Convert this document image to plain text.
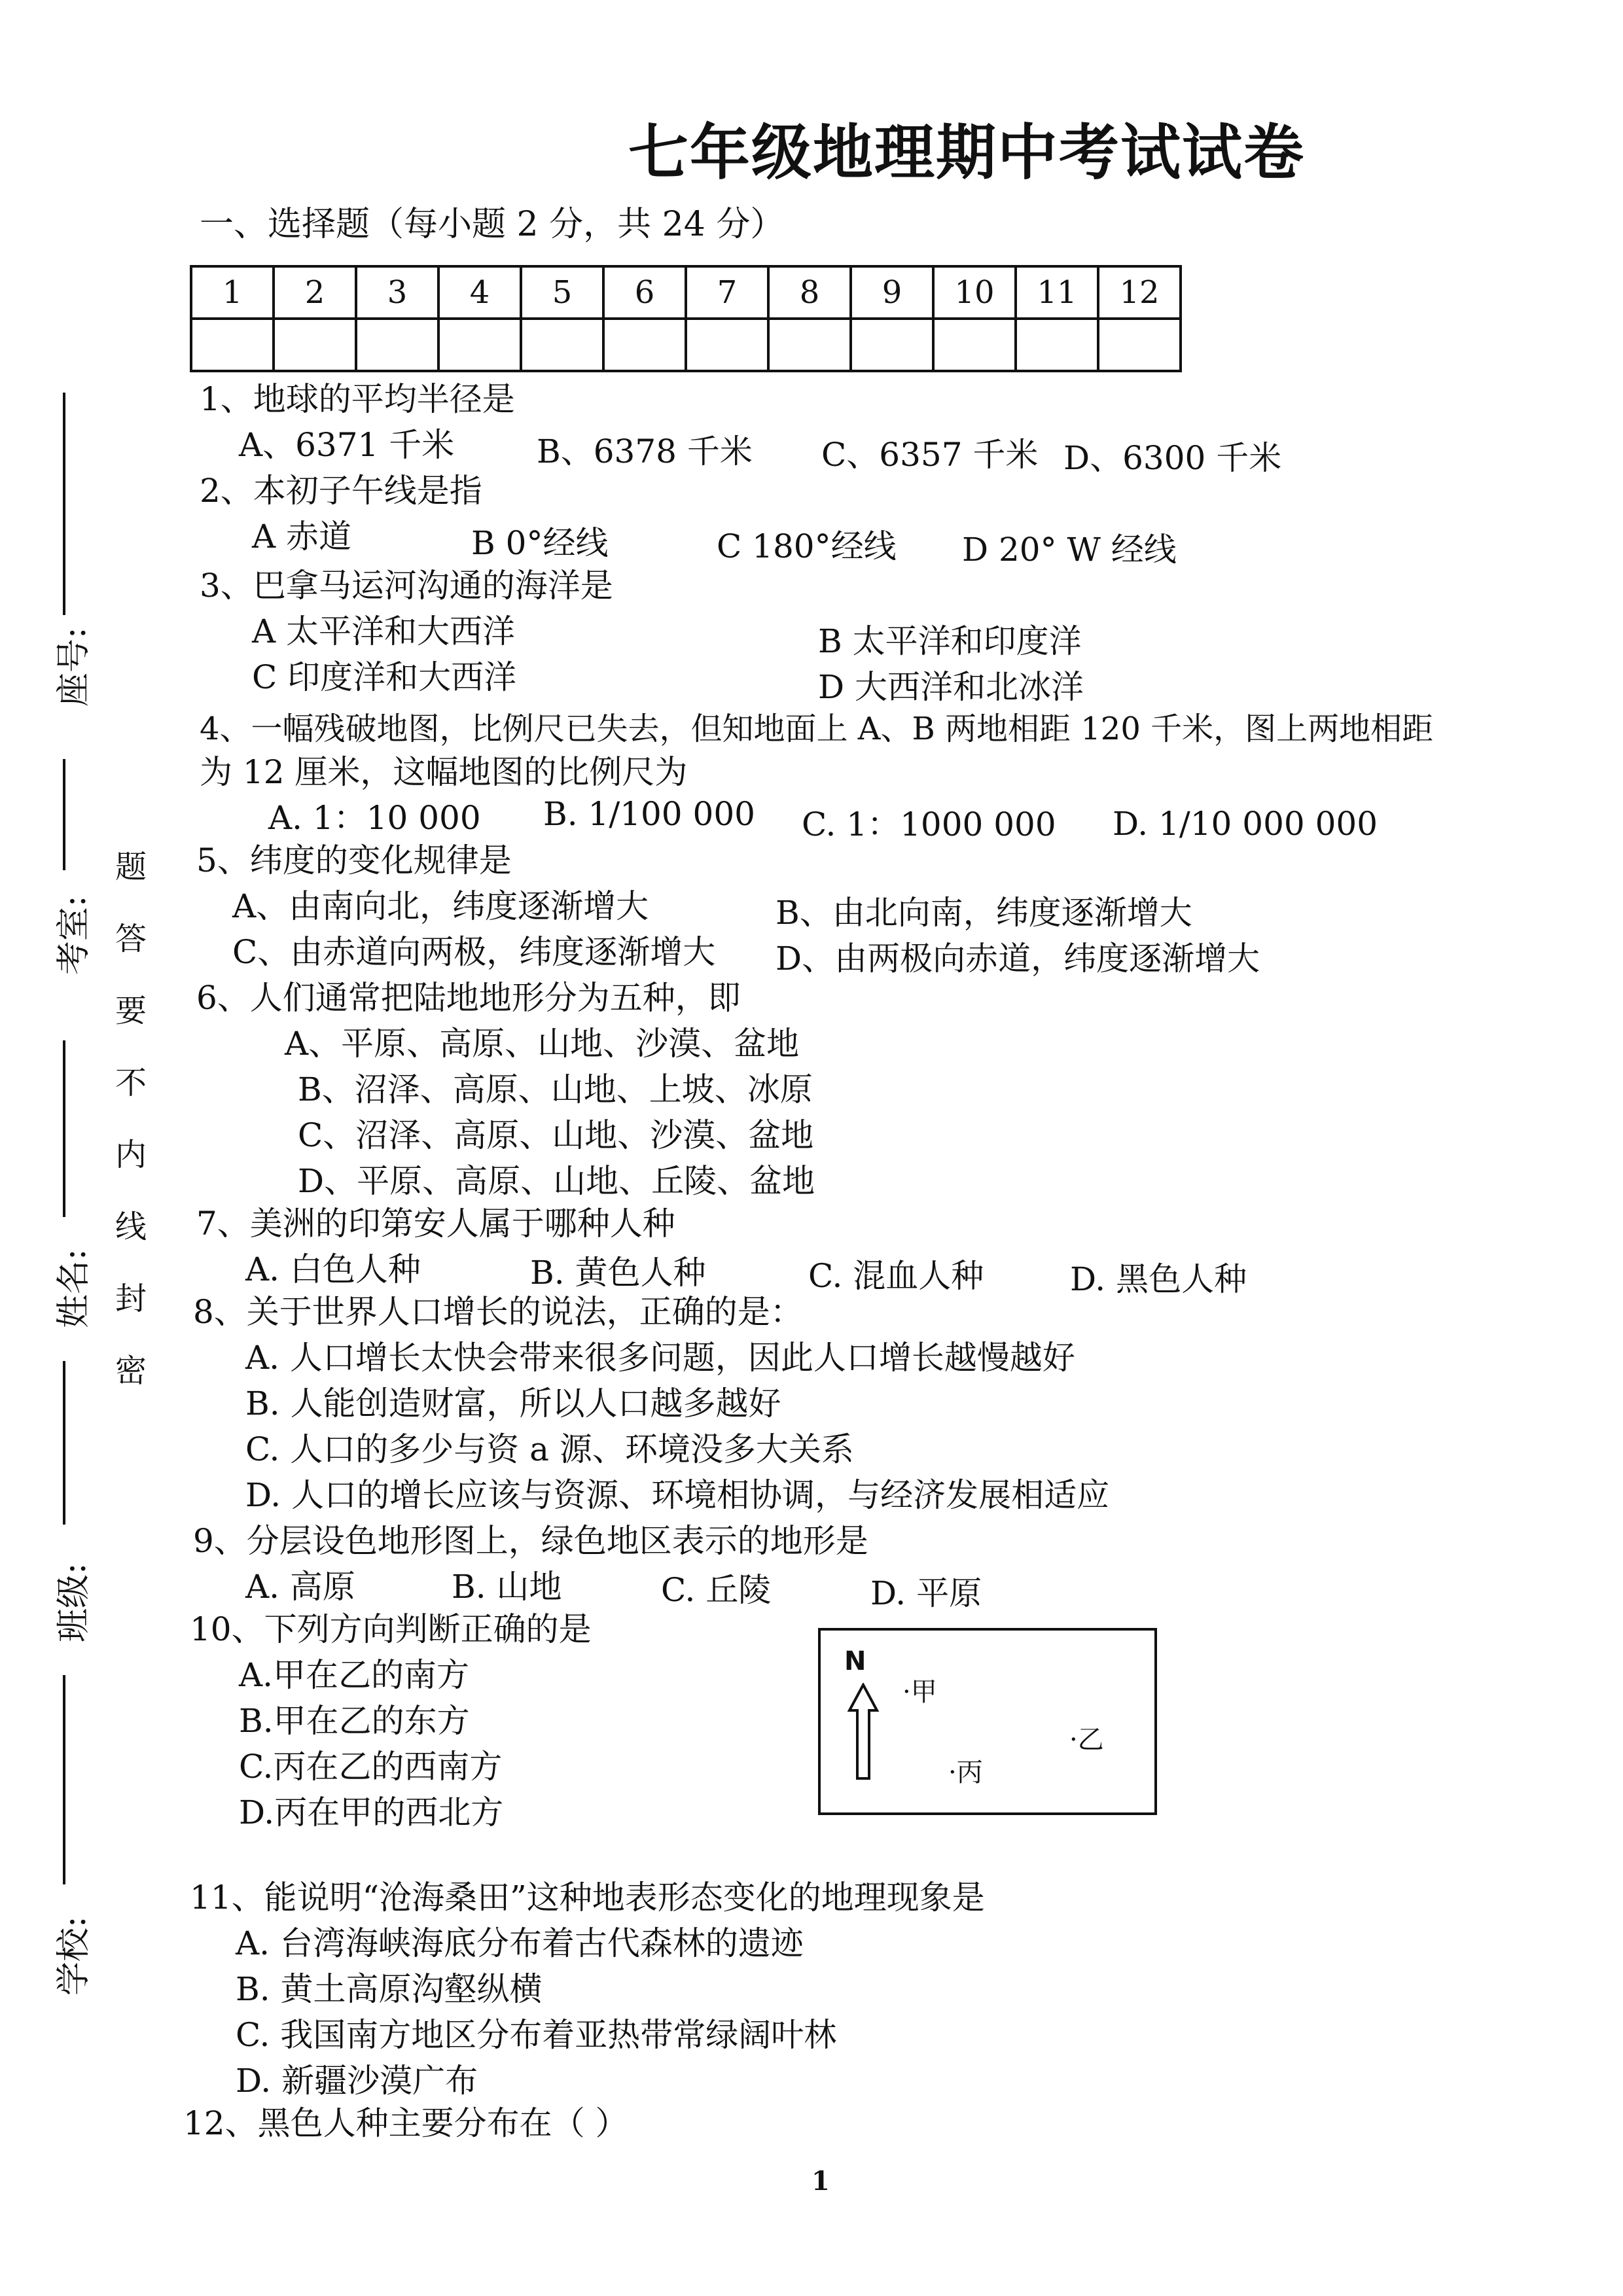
七年级地理期中考试试卷
一、选择题（每小题 2 分，共 24 分）
1	2	3	4	5	6	7	8	9	10	11	12

座号:
考室:
姓名:
班级:
学校:
题
答
要
不
内
线
封
密
1、地球的平均半径是
A、6371 千米	B、6378 千米 C、6357 千米 D、6300 千米
2、本初子午线是指
A 赤道	B 0°经线	C 180°经线 D 20° W 经线
3、巴拿马运河沟通的海洋是
A 太平洋和大西洋	B 太平洋和印度洋
C 印度洋和大西洋	D 大西洋和北冰洋
4、一幅残破地图，比例尺已失去，但知地面上 A、B 两地相距 120 千米，图上两地相距
为 12 厘米，这幅地图的比例尺为
A. 1：10 000 B. 1/100 000 C. 1：1000 000 D. 1/10 000 000
5、纬度的变化规律是
A、由南向北，纬度逐渐增大	B、由北向南，纬度逐渐增大
C、由赤道向两极，纬度逐渐增大 D、由两极向赤道，纬度逐渐增大
6、人们通常把陆地地形分为五种，即
A、平原、高原、山地、沙漠、盆地
B、沼泽、高原、山地、上坡、冰原
C、沼泽、高原、山地、沙漠、盆地
D、平原、高原、山地、丘陵、盆地
7、美洲的印第安人属于哪种人种
A. 白色人种	B. 黄色人种	C. 混血人种	D. 黑色人种
8、关于世界人口增长的说法，正确的是：
A. 人口增长太快会带来很多问题，因此人口增长越慢越好
B. 人能创造财富，所以人口越多越好
C. 人口的多少与资 a 源、环境没多大关系
D. 人口的增长应该与资源、环境相协调，与经济发展相适应
9、分层设色地形图上，绿色地区表示的地形是
A. 高原	B. 山地	C. 丘陵	D. 平原
10、下列方向判断正确的是
A.甲在乙的南方
B.甲在乙的东方
C.丙在乙的西南方
D.丙在甲的西北方
N
·甲
·乙
·丙
11、能说明“沧海桑田”这种地表形态变化的地理现象是
A. 台湾海峡海底分布着古代森林的遗迹
B. 黄土高原沟壑纵横
C. 我国南方地区分布着亚热带常绿阔叶林
D. 新疆沙漠广布
12、黑色人种主要分布在（ ）
1
